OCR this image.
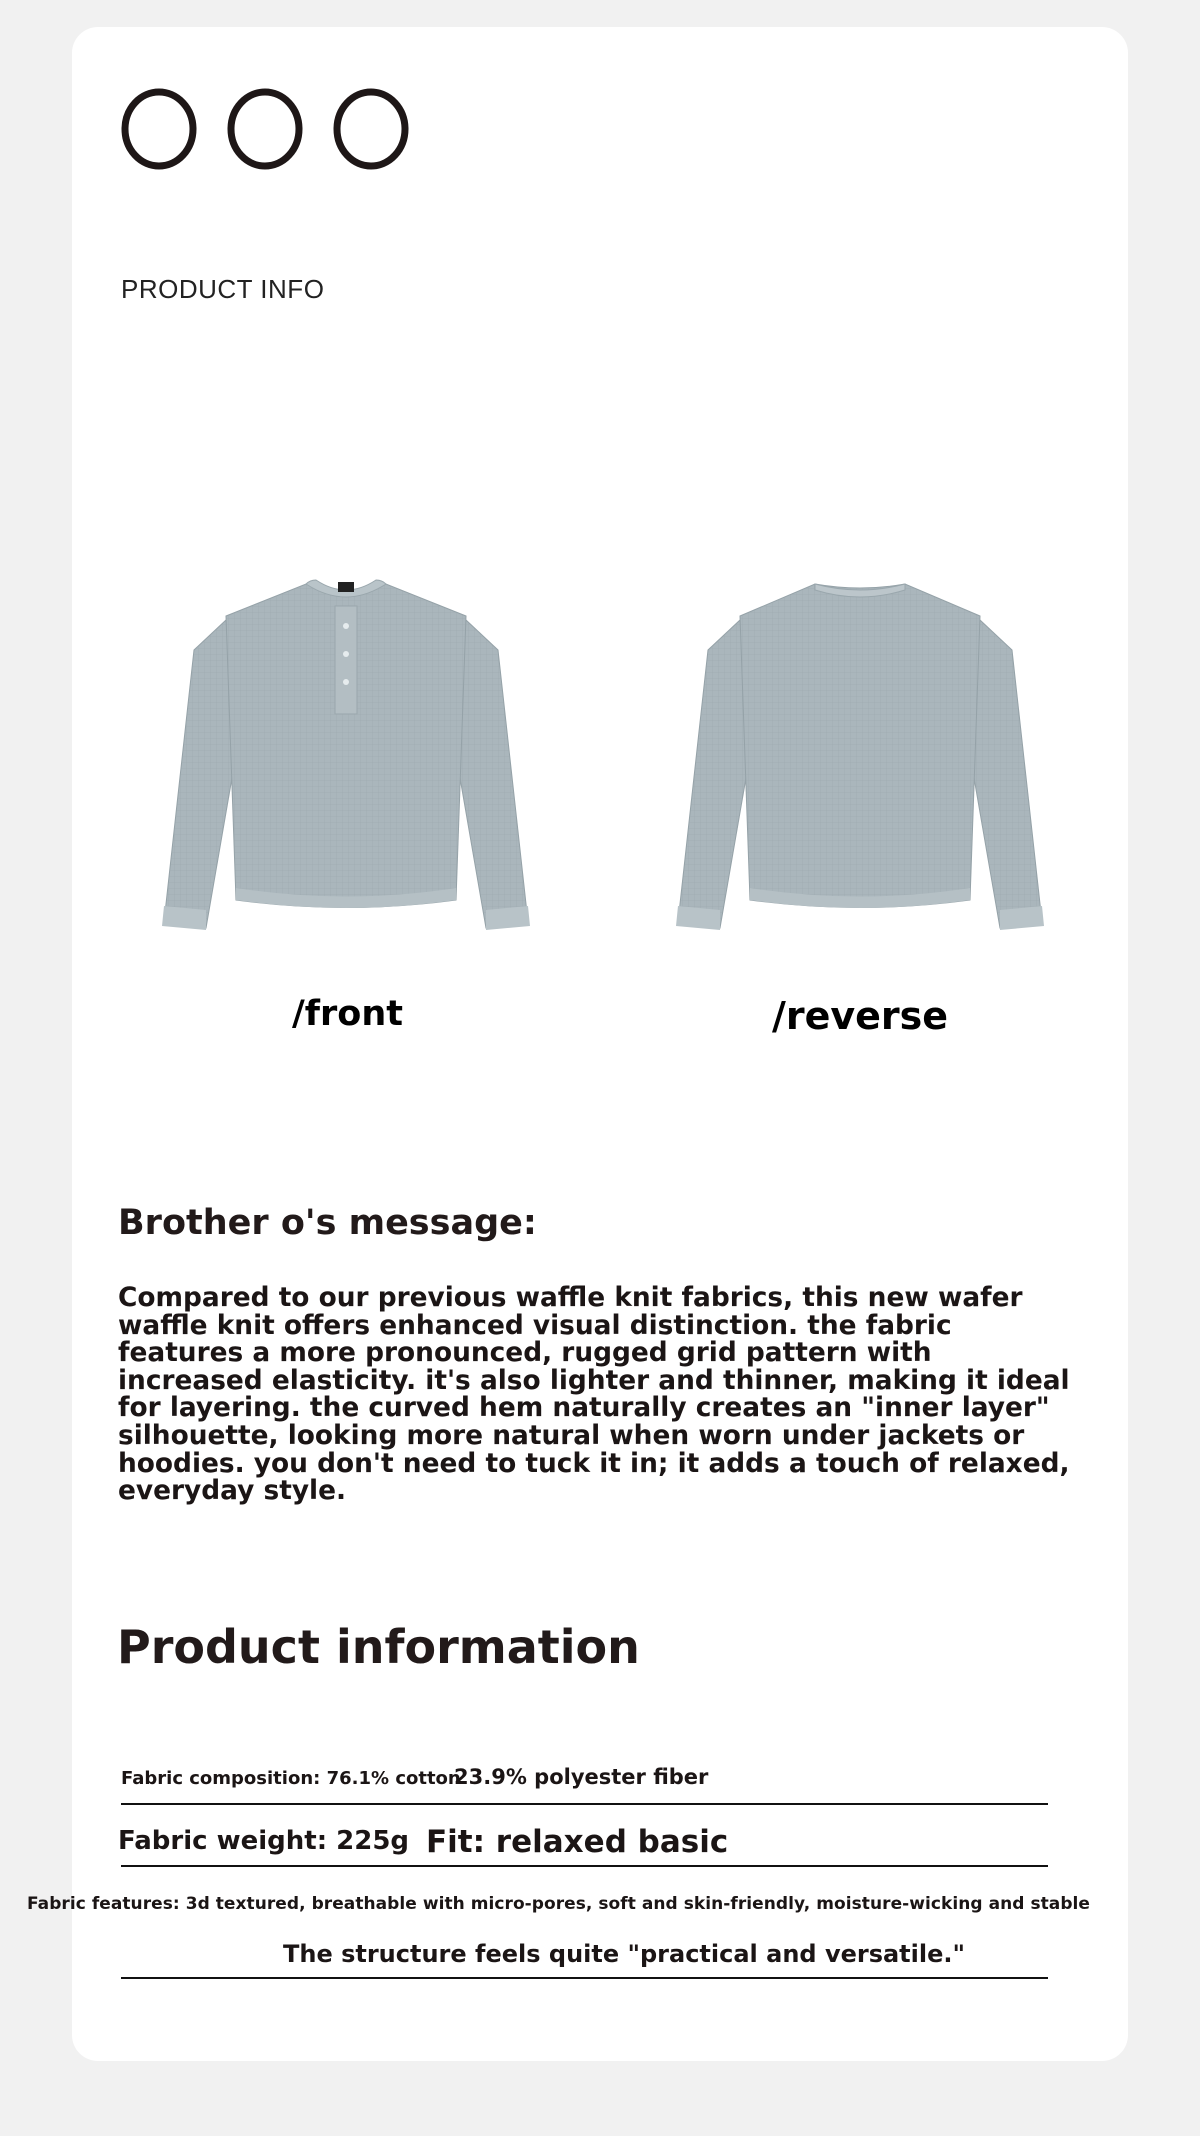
PRODUCT INFO
/front	/reverse
Brother o's message:
Compared to our previous waffle knit fabrics, this new wafer waffle knit offers enhanced visual distinction. the fabric features a more pronounced, rugged grid pattern with increased elasticity. it's also lighter and thinner, making it ideal for layering. the curved hem naturally creates an "inner layer" silhouette, looking more natural when worn under jackets or hoodies. you don't need to tuck it in; it adds a touch of relaxed, everyday style.
Product information
Fabric composition: 76.1% cotton
23.9% polyester fiber
Fabric weight: 225g Fit: relaxed basic
Fabric features: 3d textured, breathable with micro-pores, soft and skin-friendly, moisture-wicking and stable
The structure feels quite "practical and versatile."
